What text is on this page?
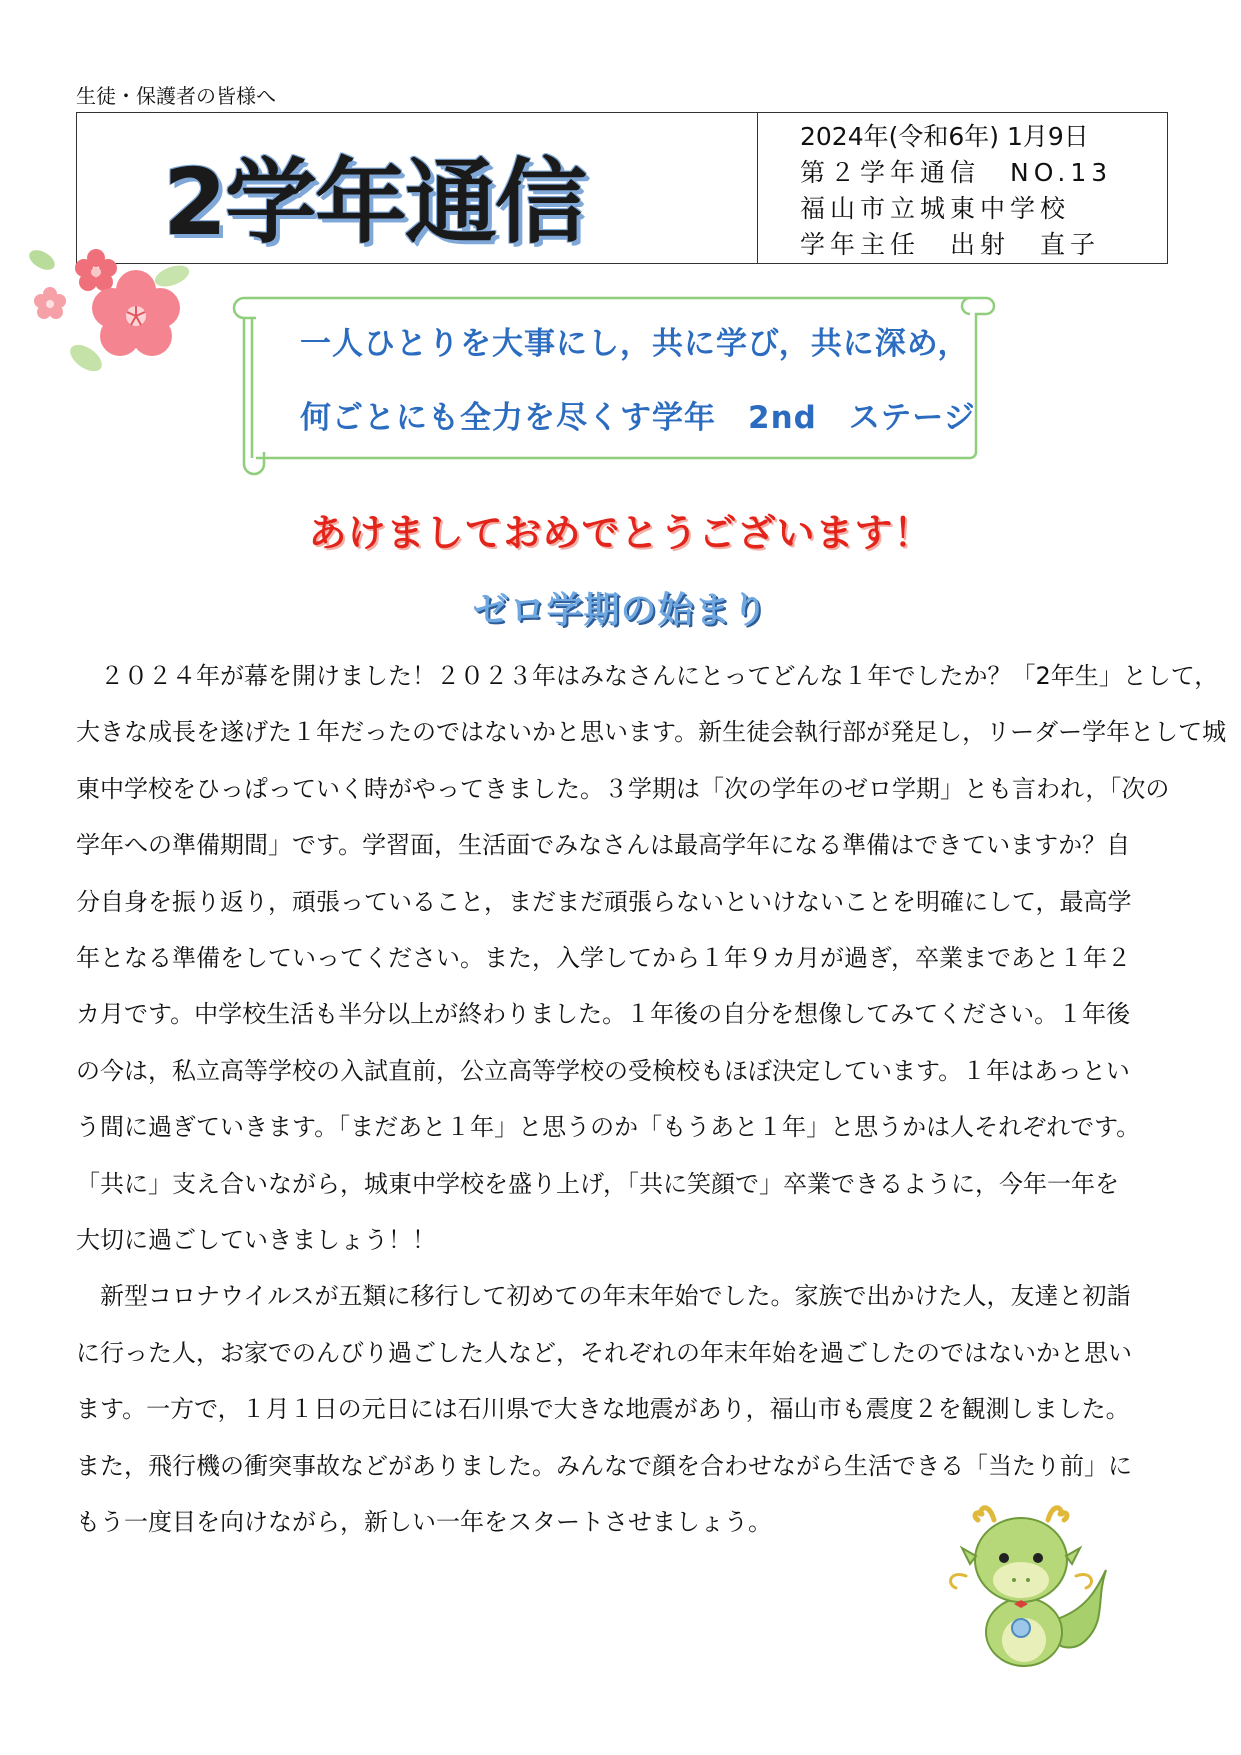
生徒・保護者の皆様へ
2学年通信
2024年(令和6年) 1月9日
第２学年通信　NO.13
福山市立城東中学校
学年主任　出射　直子
一人ひとりを大事にし，共に学び，共に深め，
何ごとにも全力を尽くす学年　2nd　ステージ
あけましておめでとうございます！
ゼロ学期の始まり
　２０２４年が幕を開けました！２０２３年はみなさんにとってどんな１年でしたか？「2年生」として，
大きな成長を遂げた１年だったのではないかと思います。新生徒会執行部が発足し，リーダー学年として城
東中学校をひっぱっていく時がやってきました。３学期は「次の学年のゼロ学期」とも言われ，「次の
学年への準備期間」です。学習面，生活面でみなさんは最高学年になる準備はできていますか？自
分自身を振り返り，頑張っていること，まだまだ頑張らないといけないことを明確にして，最高学
年となる準備をしていってください。また，入学してから１年９カ月が過ぎ，卒業まであと１年２
カ月です。中学校生活も半分以上が終わりました。１年後の自分を想像してみてください。１年後
の今は，私立高等学校の入試直前，公立高等学校の受検校もほぼ決定しています。１年はあっとい
う間に過ぎていきます。「まだあと１年」と思うのか「もうあと１年」と思うかは人それぞれです。
「共に」支え合いながら，城東中学校を盛り上げ，「共に笑顔で」卒業できるように，今年一年を
大切に過ごしていきましょう！！
　新型コロナウイルスが五類に移行して初めての年末年始でした。家族で出かけた人，友達と初詣
に行った人，お家でのんびり過ごした人など，それぞれの年末年始を過ごしたのではないかと思い
ます。一方で，１月１日の元日には石川県で大きな地震があり，福山市も震度２を観測しました。
また，飛行機の衝突事故などがありました。みんなで顔を合わせながら生活できる「当たり前」に
もう一度目を向けながら，新しい一年をスタートさせましょう。
